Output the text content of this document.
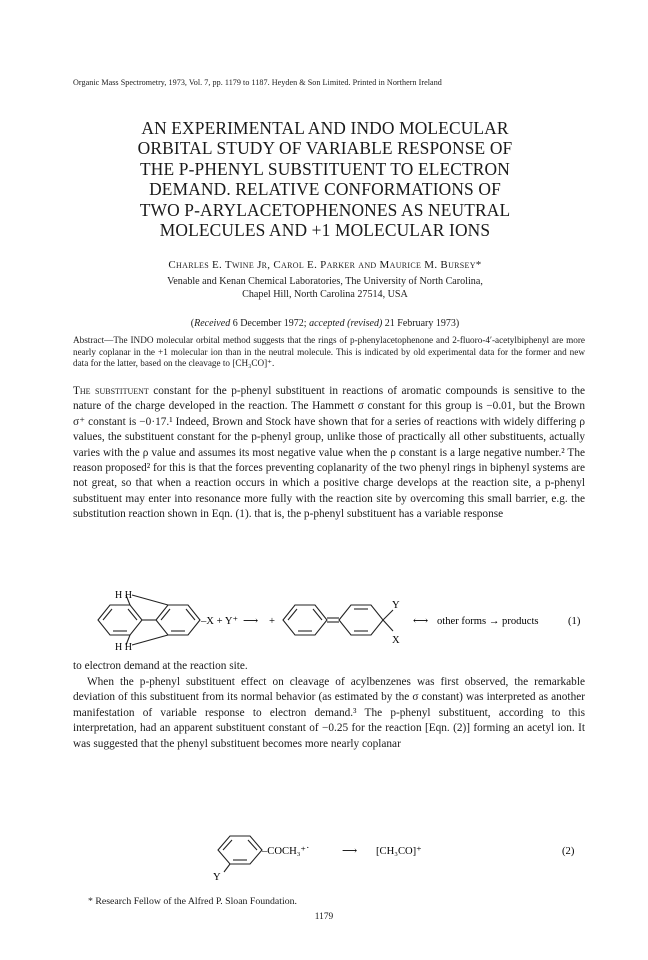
Organic Mass Spectrometry, 1973, Vol. 7, pp. 1179 to 1187. Heyden & Son Limited. Printed in Northern Ireland
AN EXPERIMENTAL AND INDO MOLECULAR
ORBITAL STUDY OF VARIABLE RESPONSE OF
THE P-PHENYL SUBSTITUENT TO ELECTRON
DEMAND. RELATIVE CONFORMATIONS OF
TWO P-ARYLACETOPHENONES AS NEUTRAL
MOLECULES AND +1 MOLECULAR IONS
Charles E. Twine Jr, Carol E. Parker and Maurice M. Bursey*
Venable and Kenan Chemical Laboratories, The University of North Carolina,
Chapel Hill, North Carolina 27514, USA
(Received 6 December 1972; accepted (revised) 21 February 1973)
Abstract—The INDO molecular orbital method suggests that the rings of p-phenylacetophenone and 2-fluoro-4′-acetylbiphenyl are more nearly coplanar in the +1 molecular ion than in the neutral molecule. This is indicated by old experimental data for the former and new data for the latter, based on the cleavage to [CH₃CO]⁺.
The substituent constant for the p-phenyl substituent in reactions of aromatic compounds is sensitive to the nature of the charge developed in the reaction. The Hammett σ constant for this group is −0.01, but the Brown σ⁺ constant is −0·17.¹ Indeed, Brown and Stock have shown that for a series of reactions with widely differing ρ values, the substituent constant for the p-phenyl group, unlike those of practically all other substituents, actually varies with the ρ value and assumes its most negative value when the ρ constant is a large negative number.² The reason proposed² for this is that the forces preventing coplanarity of the two phenyl rings in biphenyl systems are not great, so that when a reaction occurs in which a positive charge develops at the reaction site, a p-phenyl substituent may enter into resonance more fully with the reaction site by overcoming this small barrier, e.g. the substitution reaction shown in Eqn. (1). that is, the p-phenyl substituent has a variable response
H H
H H
–X + Y⁺ ⟶ +
Y
X
⟷ other forms → products	(1)
to electron demand at the reaction site.
When the p-phenyl substituent effect on cleavage of acylbenzenes was first observed, the remarkable deviation of this substituent from its normal behavior (as estimated by the σ constant) was interpreted as another manifestation of variable response to electron demand.³ The p-phenyl substituent, according to this interpretation, had an apparent substituent constant of −0.25 for the reaction [Eqn. (2)] forming an acetyl ion. It was suggested that the phenyl substituent becomes more nearly coplanar
Y
–COCH₃⁺˙	⟶ [CH₃CO]⁺	(2)
* Research Fellow of the Alfred P. Sloan Foundation.
1179
